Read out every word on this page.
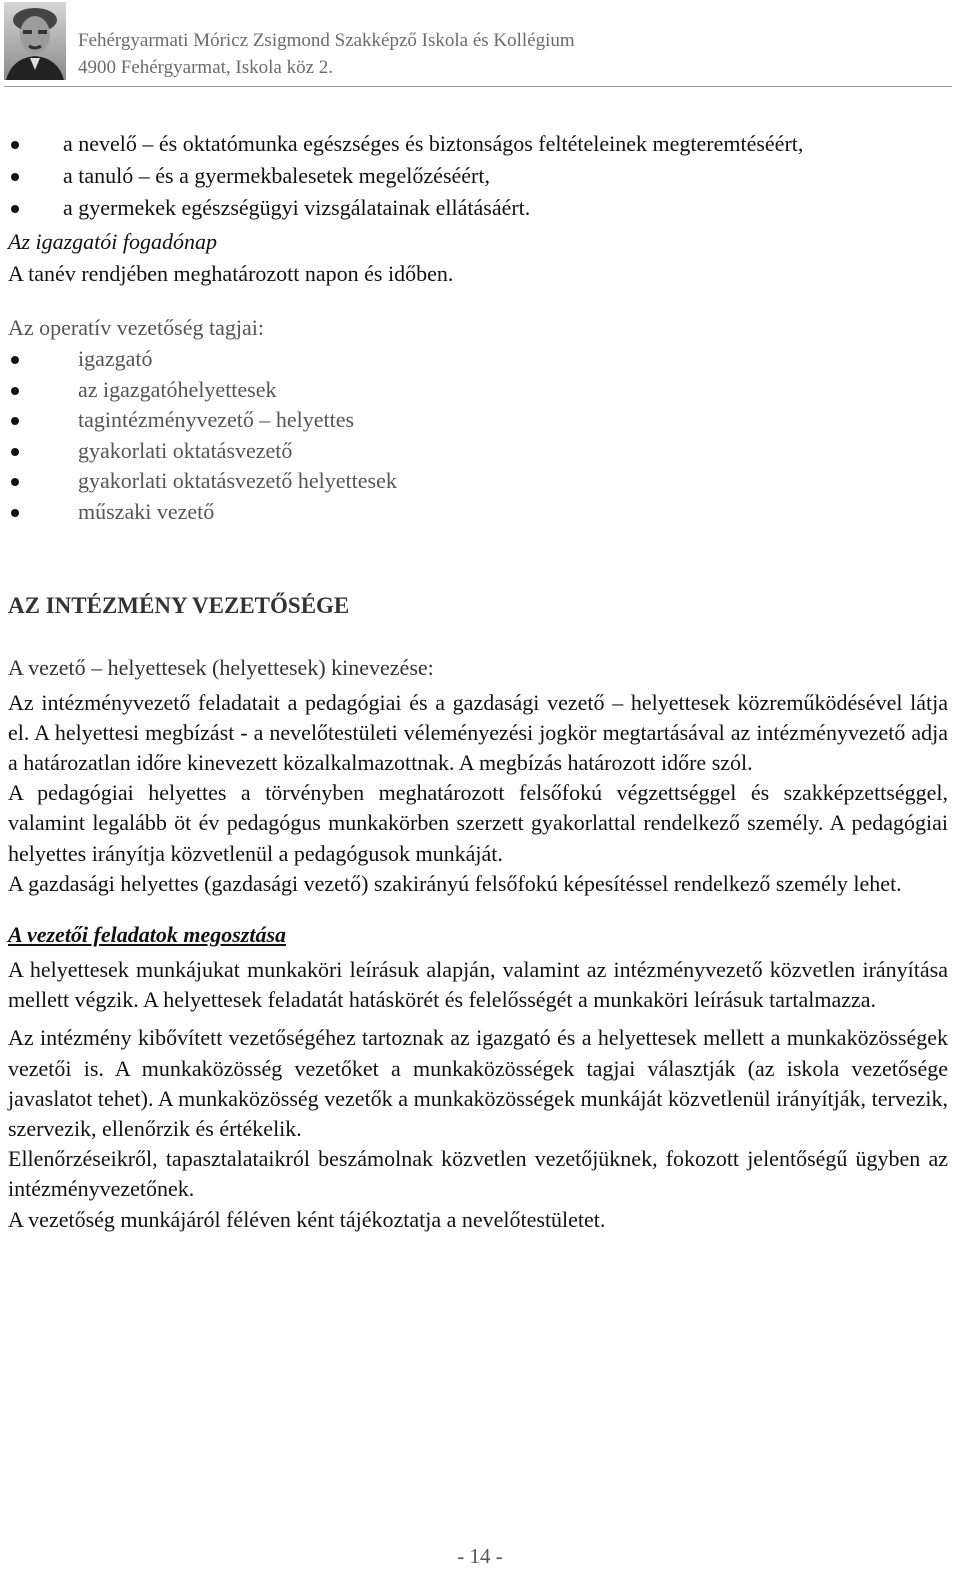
Fehérgyarmati Móricz Zsigmond Szakképző Iskola és Kollégium
4900 Fehérgyarmat, Iskola köz 2.
a nevelő – és oktatómunka egészséges és biztonságos feltételeinek megteremtéséért,
a tanuló – és a gyermekbalesetek megelőzéséért,
a gyermekek egészségügyi vizsgálatainak ellátásáért.
Az igazgatói fogadónap
A tanév rendjében meghatározott napon és időben.
Az operatív vezetőség tagjai:
igazgató
az igazgatóhelyettesek
tagintézményvezető – helyettes
gyakorlati oktatásvezető
gyakorlati oktatásvezető helyettesek
műszaki vezető
AZ INTÉZMÉNY VEZETŐSÉGE
A vezető – helyettesek (helyettesek) kinevezése:

Az intézményvezető feladatait a pedagógiai és a gazdasági vezető – helyettesek közreműködésével látja el. A helyettesi megbízást - a nevelőtestületi véleményezési jogkör megtartásával az intézményvezető adja a határozatlan időre kinevezett közalkalmazottnak. A megbízás határozott időre szól.

A pedagógiai helyettes a törvényben meghatározott felsőfokú végzettséggel és szakképzettséggel, valamint legalább öt év pedagógus munkakörben szerzett gyakorlattal rendelkező személy. A pedagógiai helyettes irányítja közvetlenül a pedagógusok munkáját.

A gazdasági helyettes (gazdasági vezető) szakirányú felsőfokú képesítéssel rendelkező személy lehet.

A vezetői feladatok megosztása

A helyettesek munkájukat munkaköri leírásuk alapján, valamint az intézményvezető közvetlen irányítása mellett végzik. A helyettesek feladatát hatáskörét és felelősségét a munkaköri leírásuk tartalmazza.

Az intézmény kibővített vezetőségéhez tartoznak az igazgató és a helyettesek mellett a munkaközösségek vezetői is. A munkaközösség vezetőket a munkaközösségek tagjai választják (az iskola vezetősége javaslatot tehet). A munkaközösség vezetők a munkaközösségek munkáját közvetlenül irányítják, tervezik, szervezik, ellenőrzik és értékelik.

Ellenőrzéseikről, tapasztalataikról beszámolnak közvetlen vezetőjüknek, fokozott jelentőségű ügyben az intézményvezetőnek.

A vezetőség munkájáról féléven ként tájékoztatja a nevelőtestületet.

- 14 -
